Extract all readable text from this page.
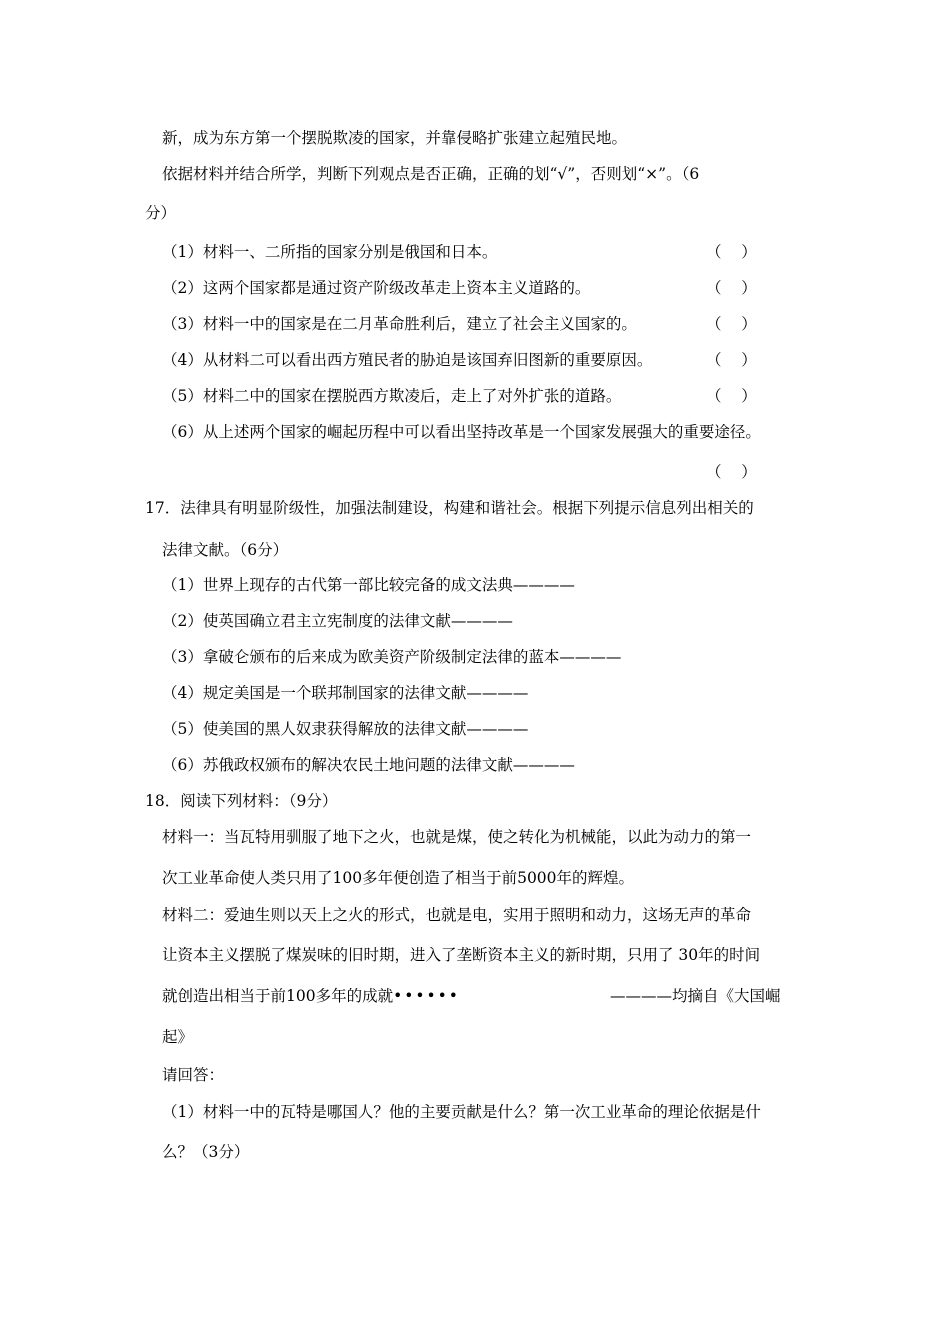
新，成为东方第一个摆脱欺凌的国家，并靠侵略扩张建立起殖民地。
依据材料并结合所学，判断下列观点是否正确，正确的划“√”，否则划“×”。（6
分）
（1）材料一、二所指的国家分别是俄国和日本。	（    ）
（2）这两个国家都是通过资产阶级改革走上资本主义道路的。	（    ）
（3）材料一中的国家是在二月革命胜利后，建立了社会主义国家的。	（    ）
（4）从材料二可以看出西方殖民者的胁迫是该国弃旧图新的重要原因。	（    ）
（5）材料二中的国家在摆脱西方欺凌后，走上了对外扩张的道路。	（    ）
（6）从上述两个国家的崛起历程中可以看出坚持改革是一个国家发展强大的重要途径。
（    ）
17．法律具有明显阶级性，加强法制建设，构建和谐社会。根据下列提示信息列出相关的
法律文献。（6分）
（1）世界上现存的古代第一部比较完备的成文法典————
（2）使英国确立君主立宪制度的法律文献————
（3）拿破仑颁布的后来成为欧美资产阶级制定法律的蓝本————
（4）规定美国是一个联邦制国家的法律文献————
（5）使美国的黑人奴隶获得解放的法律文献————
（6）苏俄政权颁布的解决农民土地问题的法律文献————
18．阅读下列材料：（9分）
材料一：当瓦特用驯服了地下之火，也就是煤，使之转化为机械能，以此为动力的第一
次工业革命使人类只用了100多年便创造了相当于前5000年的辉煌。
材料二：爱迪生则以天上之火的形式，也就是电，实用于照明和动力，这场无声的革命
让资本主义摆脱了煤炭味的旧时期，进入了垄断资本主义的新时期，只用了 30年的时间
就创造出相当于前100多年的成就••••••	————均摘自《大国崛
起》
请回答：
（1）材料一中的瓦特是哪国人？他的主要贡献是什么？第一次工业革命的理论依据是什
么？（3分）
